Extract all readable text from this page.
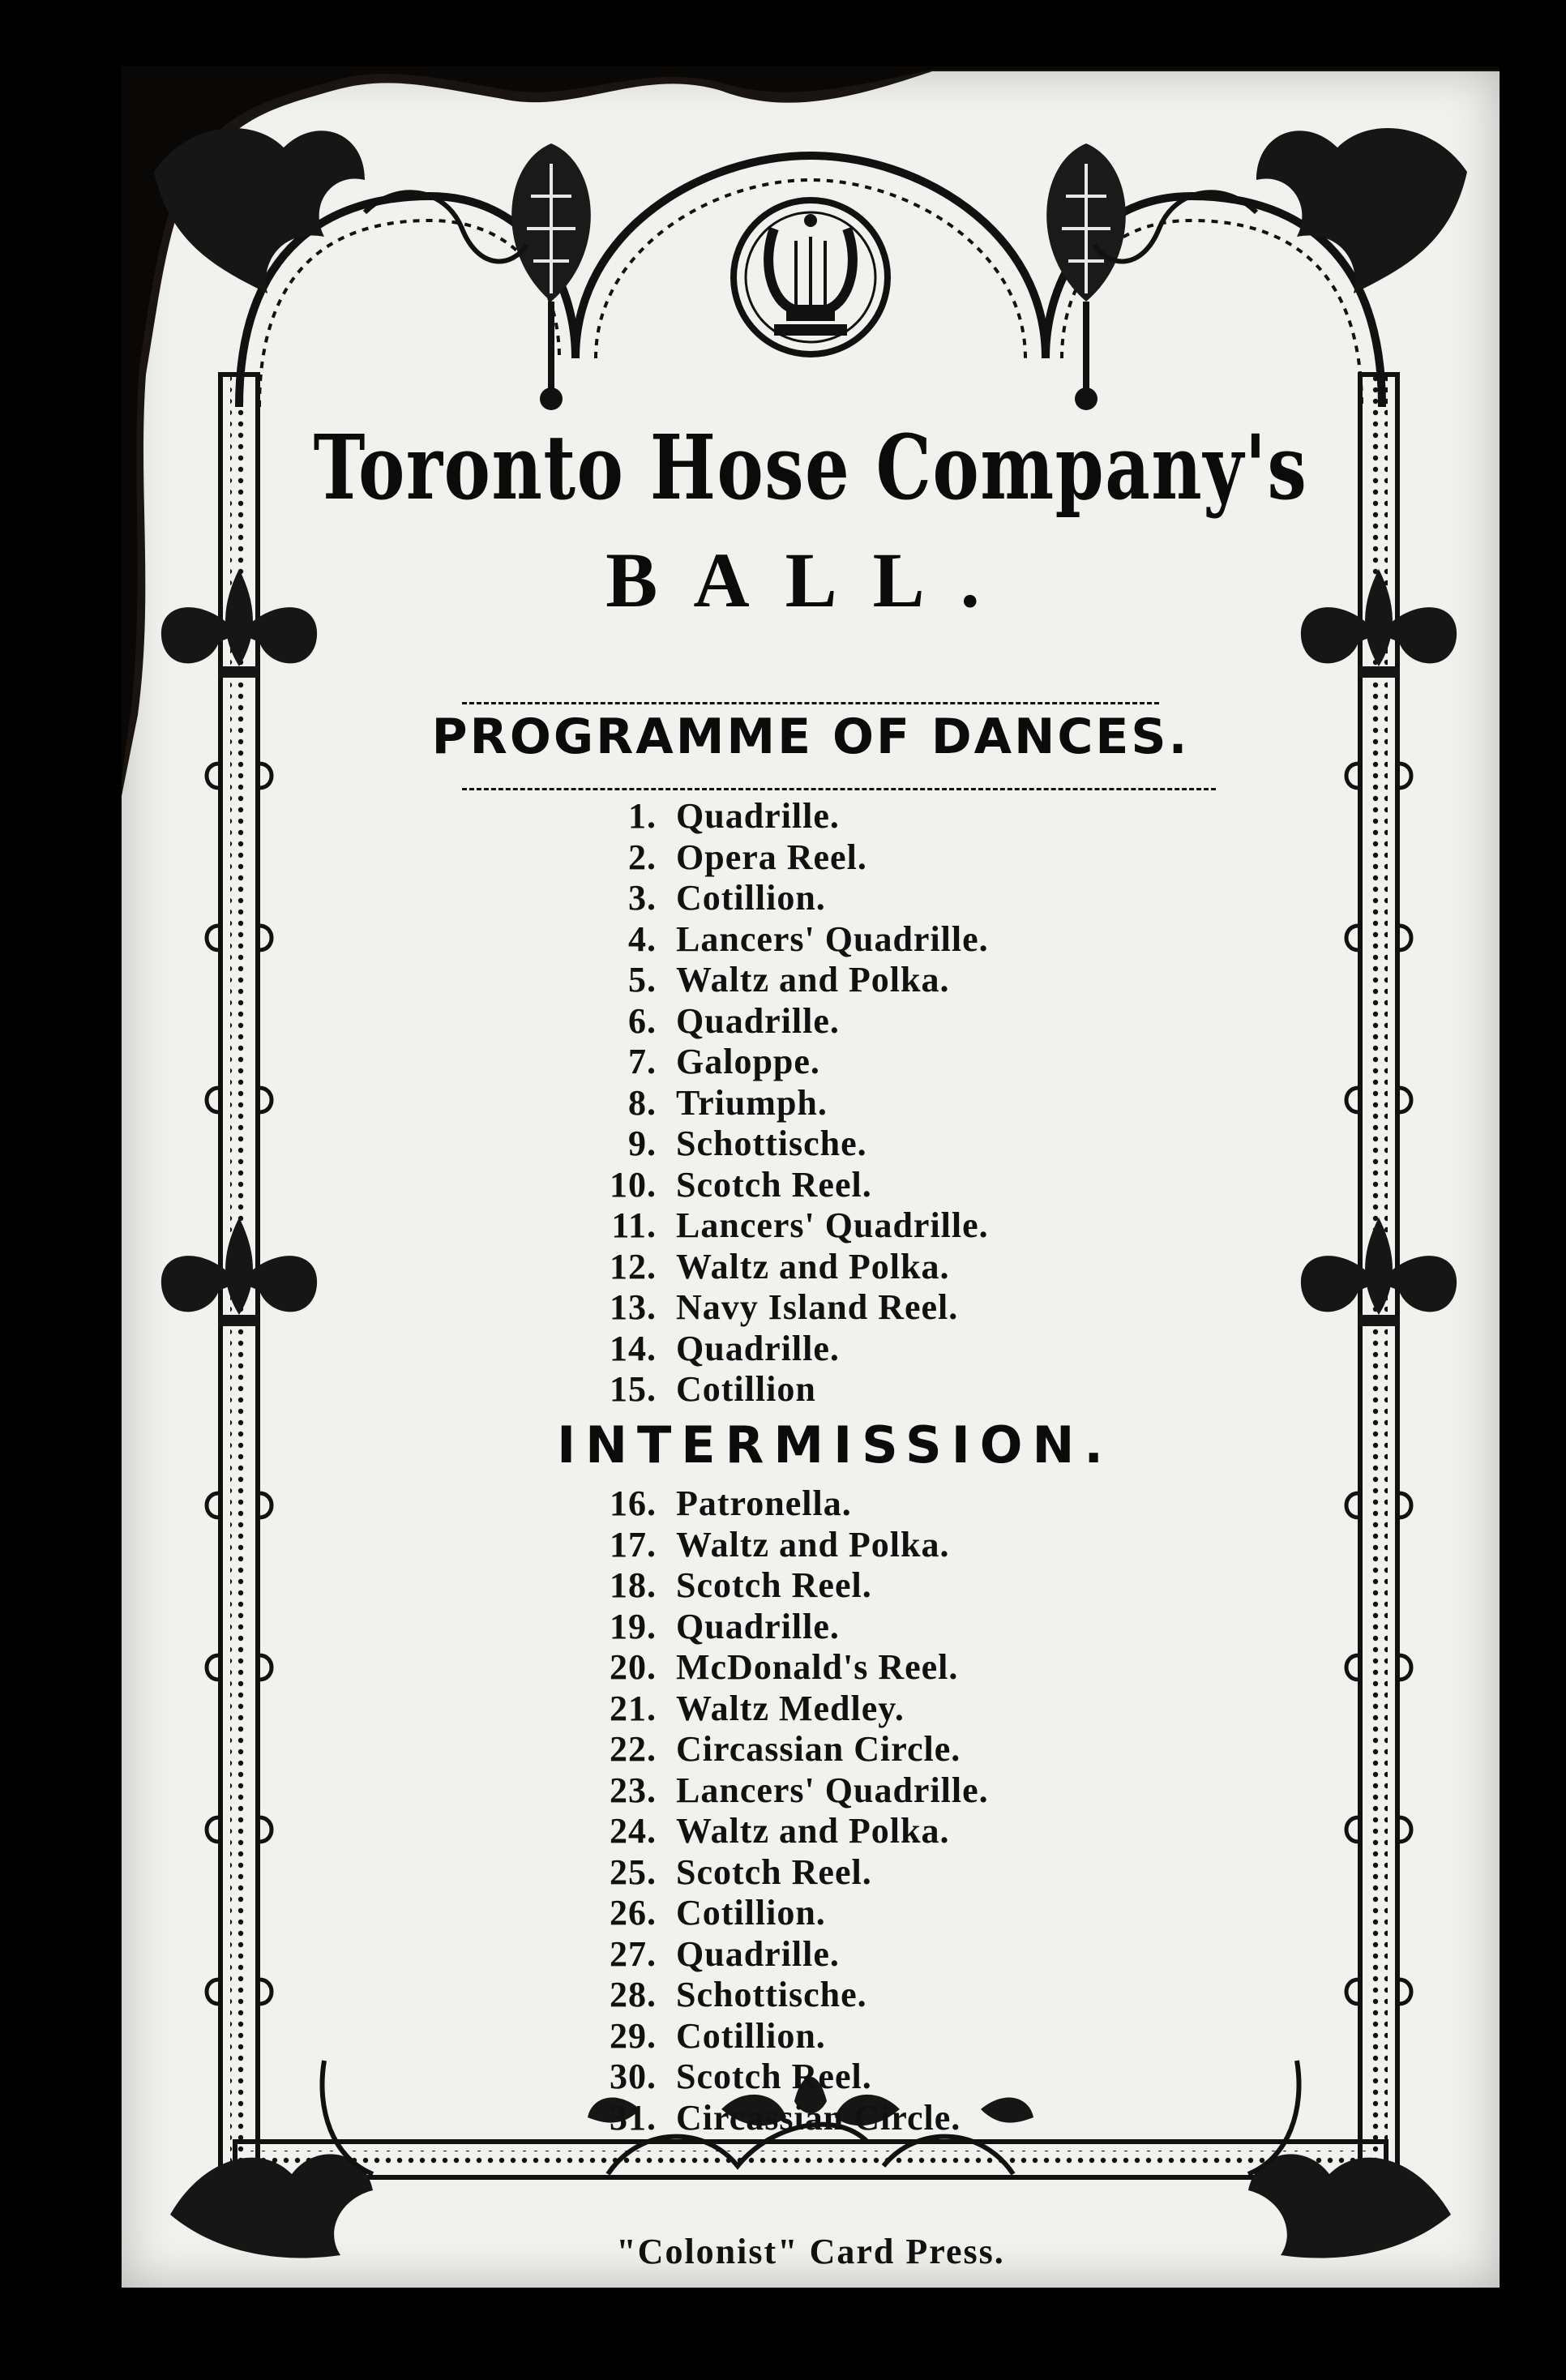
Toronto Hose Company's
BALL.
PROGRAMME OF DANCES.
1. Quadrille.
2. Opera Reel.
3. Cotillion.
4. Lancers' Quadrille.
5. Waltz and Polka.
6. Quadrille.
7. Galoppe.
8. Triumph.
9. Schottische.
10. Scotch Reel.
11. Lancers' Quadrille.
12. Waltz and Polka.
13. Navy Island Reel.
14. Quadrille.
15. Cotillion
INTERMISSION.
16. Patronella.
17. Waltz and Polka.
18. Scotch Reel.
19. Quadrille.
20. McDonald's Reel.
21. Waltz Medley.
22. Circassian Circle.
23. Lancers' Quadrille.
24. Waltz and Polka.
25. Scotch Reel.
26. Cotillion.
27. Quadrille.
28. Schottische.
29. Cotillion.
30. Scotch Reel.
31. Circassian Circle.
"Colonist" Card Press.
